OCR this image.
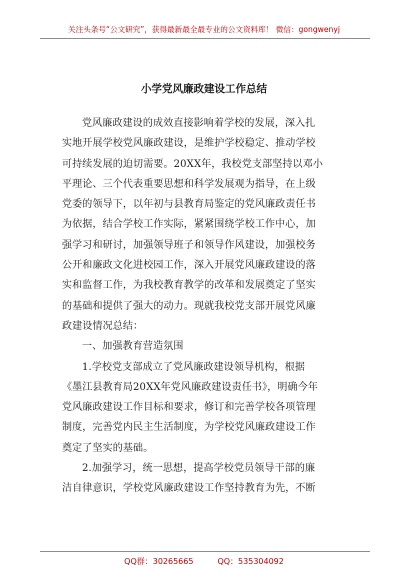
关注头条号“公文研究”，获得最新最全最专业的公文资料库！ 微信：gongwenyj
小学党风廉政建设工作总结
党风廉政建设的成效直接影响着学校的发展，深入扎
实地开展学校党风廉政建设，是维护学校稳定、推动学校
可持续发展的迫切需要。20XX年，我校党支部坚持以邓小
平理论、三个代表重要思想和科学发展观为指导，在上级
党委的领导下，以年初与县教育局鉴定的党风廉政责任书
为依据，结合学校工作实际，紧紧围绕学校工作中心，加
强学习和研讨，加强领导班子和领导作风建设，加强校务
公开和廉政文化进校园工作，深入开展党风廉政建设的落
实和监督工作，为我校教育教学的改革和发展奠定了坚实
的基础和提供了强大的动力。现就我校党支部开展党风廉
政建设情况总结：
一、加强教育营造氛围
1.学校党支部成立了党风廉政建设领导机构，根据
《墨江县教育局20XX年党风廉政建设责任书》，明确今年
党风廉政建设工作目标和要求，修订和完善学校各项管理
制度，完善党内民主生活制度，为学校党风廉政建设工作
奠定了坚实的基础。
2.加强学习，统一思想，提高学校党员领导干部的廉
洁自律意识，学校党风廉政建设工作坚持教育为先，不断
QQ群：30265665	QQ：535304092
